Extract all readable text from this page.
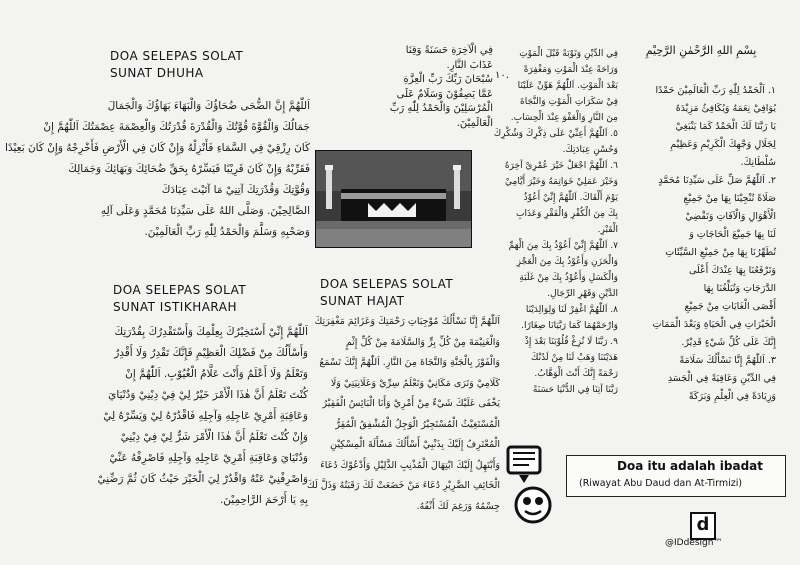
DOA SELEPAS SOLAT
SUNAT DHUHA
DOA SELEPAS SOLAT
SUNAT ISTIKHARAH
DOA SELEPAS SOLAT
SUNAT HAJAT
اَللّٰهُمَّ إِنَّ الضُّحَى ضُحَاؤُكَ وَالْبَهَاءَ بَهَاؤُكَ وَالْجَمَالَ
جَمَالُكَ وَالْقُوَّةَ قُوَّتُكَ وَالْقُدْرَةَ قُدْرَتُكَ وَالْعِصْمَةَ عِصْمَتُكَ اَللّٰهُمَّ إِنْ
كَانَ رِزْقِيْ فِي السَّمَاءِ فَأَنْزِلْهُ وَإِنْ كَانَ فِي الْأَرْضِ فَأَخْرِجْهُ وَإِنْ كَانَ بَعِيْدًا
فَقَرِّبْهُ وَإِنْ كَانَ قَرِيْبًا فَيَسِّرْهُ بِحَقِّ ضُحَائِكَ وَبَهَائِكَ وَجَمَالِكَ
وَقُوَّتِكَ وَقُدْرَتِكَ آتِنِيْ مَا آتَيْتَ عِبَادَكَ
الصَّالِحِيْنَ. وَصَلَّى اللهُ عَلَى سَيِّدِنَا مُحَمَّدٍ وَعَلَى آلِهِ
وَصَحْبِهِ وَسَلَّمَ وَالْحَمْدُ لِلّٰهِ رَبِّ الْعَالَمِيْنَ.
اَللّٰهُمَّ إِنِّيْ أَسْتَخِيْرُكَ بِعِلْمِكَ وَأَسْتَقْدِرُكَ بِقُدْرَتِكَ
وَأَسْأَلُكَ مِنْ فَضْلِكَ الْعَظِيْمِ فَإِنَّكَ تَقْدِرُ وَلَا أَقْدِرُ
وَتَعْلَمُ وَلَا أَعْلَمُ وَأَنْتَ عَلَّامُ الْغُيُوْبِ. اَللّٰهُمَّ إِنْ
كُنْتَ تَعْلَمُ أَنَّ هٰذَا الْأَمْرَ خَيْرٌ لِيْ فِيْ دِيْنِيْ وَدُنْيَايَ
وَعَاقِبَةِ أَمْرِيْ عَاجِلِهِ وَآجِلِهِ فَاقْدُرْهُ لِيْ وَيَسِّرْهُ لِيْ
وَإِنْ كُنْتَ تَعْلَمُ أَنَّ هٰذَا الْأَمْرَ شَرٌّ لِيْ فِيْ دِيْنِيْ
وَدُنْيَايَ وَعَاقِبَةِ أَمْرِيْ عَاجِلِهِ وَآجِلِهِ فَاصْرِفْهُ عَنِّيْ
وَاصْرِفْنِيْ عَنْهُ وَاقْدُرْ لِيَ الْخَيْرَ حَيْثُ كَانَ ثُمَّ رَضِّنِيْ
بِهِ يَا أَرْحَمَ الرَّاحِمِيْنَ.
اَللّٰهُمَّ إِنَّا نَسْأَلُكَ مُوْجِبَاتِ رَحْمَتِكَ وَعَزَائِمَ مَغْفِرَتِكَ
وَالْغَنِيْمَةَ مِنْ كُلِّ بِرٍّ وَالسَّلَامَةَ مِنْ كُلِّ إِثْمٍ
وَالْفَوْزَ بِالْجَنَّةِ وَالنَّجَاةَ مِنَ النَّارِ. اَللّٰهُمَّ إِنَّكَ تَسْمَعُ
كَلَامِيْ وَتَرَى مَكَانِيْ وَتَعْلَمُ سِرِّيْ وَعَلَانِيَتِيْ وَلَا
يَخْفَى عَلَيْكَ شَيْءٌ مِنْ أَمْرِيْ وَأَنَا الْبَائِسُ الْفَقِيْرُ
الْمُسْتَغِيْثُ الْمُسْتَجِيْرُ الْوَجِلُ الْمُشْفِقُ الْمُقِرُّ
الْمُعْتَرِفُ إِلَيْكَ بِذَنْبِيْ أَسْأَلُكَ مَسْأَلَةَ الْمِسْكِيْنِ
وَأَبْتَهِلُ إِلَيْكَ ابْتِهَالَ الْمُذْنِبِ الذَّلِيْلِ وَأَدْعُوْكَ دُعَاءَ
الْخَائِفِ الضَّرِيْرِ دُعَاءَ مَنْ خَضَعَتْ لَكَ رَقَبَتُهُ وَذَلَّ لَكَ
جِسْمُهُ وَرَغِمَ لَكَ أَنْفُهُ.
فِي الْآخِرَةِ حَسَنَةً وَقِنَا
عَذَابَ النَّارِ.
سُبْحَانَ رَبِّكَ رَبِّ الْعِزَّةِ
عَمَّا يَصِفُوْنَ وَسَلَامٌ عَلَى
الْمُرْسَلِيْنَ وَالْحَمْدُ لِلّٰهِ رَبِّ
الْعَالَمِيْنَ.
١٠.
فِي الدِّيْنِ وَتَوْبَةً قَبْلَ الْمَوْتِ
وَرَاحَةً عِنْدَ الْمَوْتِ وَمَغْفِرَةً
بَعْدَ الْمَوْتِ. اَللّٰهُمَّ هَوِّنْ عَلَيْنَا
فِيْ سَكَرَاتِ الْمَوْتِ وَالنَّجَاةَ
مِنَ النَّارِ وَالْعَفْوَ عِنْدَ الْحِسَابِ.
٥. اَللّٰهُمَّ أَعِنِّيْ عَلَى ذِكْرِكَ وَشُكْرِكَ
وَحُسْنِ عِبَادَتِكَ.
٦. اَللّٰهُمَّ اجْعَلْ خَيْرَ عُمْرِيْ آخِرَهُ
وَخَيْرَ عَمَلِيْ خَوَاتِمَهُ وَخَيْرَ أَيَّامِيْ
يَوْمَ أَلْقَاكَ. اَللّٰهُمَّ إِنِّيْ أَعُوْذُ
بِكَ مِنَ الْكُفْرِ وَالْفَقْرِ وَعَذَابِ
الْقَبْرِ.
٧. اَللّٰهُمَّ إِنِّيْ أَعُوْذُ بِكَ مِنَ الْهَمِّ
وَالْحَزَنِ وَأَعُوْذُ بِكَ مِنَ الْعَجْزِ
وَالْكَسَلِ وَأَعُوْذُ بِكَ مِنْ غَلَبَةِ
الدَّيْنِ وَقَهْرِ الرِّجَالِ.
٨. اَللّٰهُمَّ اغْفِرْ لَنَا وَلِوَالِدَيْنَا
وَارْحَمْهُمَا كَمَا رَبَّيَانَا صِغَارًا.
٩. رَبَّنَا لَا تُزِغْ قُلُوْبَنَا بَعْدَ إِذْ
هَدَيْتَنَا وَهَبْ لَنَا مِنْ لَدُنْكَ
رَحْمَةً إِنَّكَ أَنْتَ الْوَهَّابُ.
رَبَّنَا آتِنَا فِي الدُّنْيَا حَسَنَةً
بِسْمِ اللهِ الرَّحْمٰنِ الرَّحِيْمِ
١. اَلْحَمْدُ لِلّٰهِ رَبِّ الْعَالَمِيْنَ حَمْدًا
يُوَافِيْ نِعَمَهُ وَيُكَافِئُ مَزِيْدَهُ
يَا رَبَّنَا لَكَ الْحَمْدُ كَمَا يَنْبَغِيْ
لِجَلَالِ وَجْهِكَ الْكَرِيْمِ وَعَظِيْمِ
سُلْطَانِكَ.
٢. اَللّٰهُمَّ صَلِّ عَلَى سَيِّدِنَا مُحَمَّدٍ
صَلَاةً تُنْجِيْنَا بِهَا مِنْ جَمِيْعِ
الْأَهْوَالِ وَالْآفَاتِ وَتَقْضِيْ
لَنَا بِهَا جَمِيْعَ الْحَاجَاتِ وَ
تُطَهِّرُنَا بِهَا مِنْ جَمِيْعِ السَّيِّئَاتِ
وَتَرْفَعُنَا بِهَا عِنْدَكَ أَعْلَى
الدَّرَجَاتِ وَتُبَلِّغُنَا بِهَا
أَقْصَى الْغَايَاتِ مِنْ جَمِيْعِ
الْخَيْرَاتِ فِي الْحَيَاةِ وَبَعْدَ الْمَمَاتِ
إِنَّكَ عَلَى كُلِّ شَيْءٍ قَدِيْرٌ.
٣. اَللّٰهُمَّ إِنَّا نَسْأَلُكَ سَلَامَةً
فِي الدِّيْنِ وَعَافِيَةً فِي الْجَسَدِ
وَزِيَادَةً فِي الْعِلْمِ وَبَرَكَةً
Doa itu adalah ibadat
(Riwayat Abu Daud dan At-Tirmizi)
d
@IDdesign™
